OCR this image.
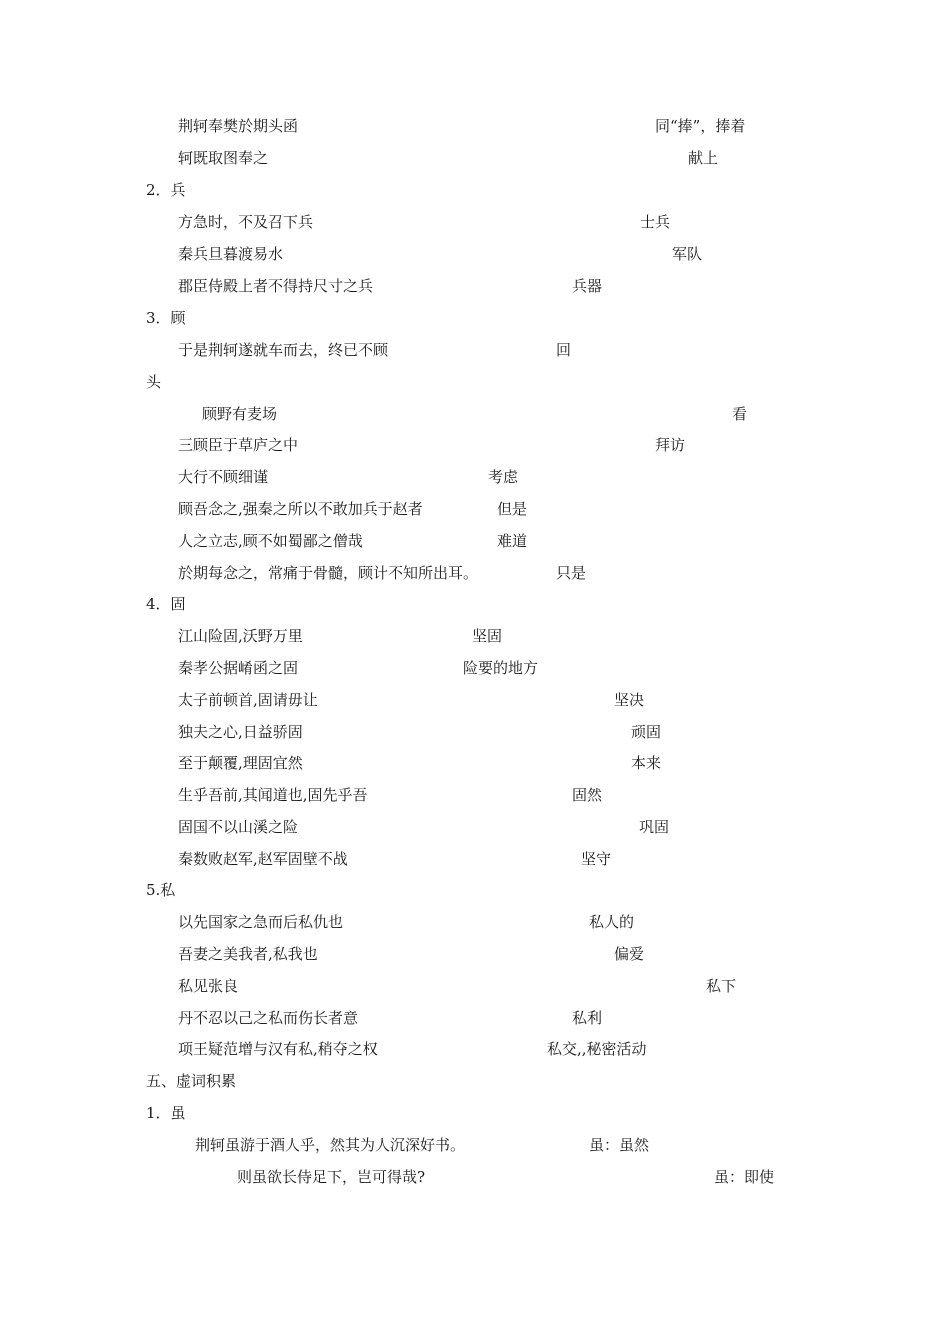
荆轲奉樊於期头函	同“捧”，捧着
轲既取图奉之	献上
2．兵
方急时，不及召下兵	士兵
秦兵旦暮渡易水	军队
郡臣侍殿上者不得持尺寸之兵	兵器
3．顾
于是荆轲遂就车而去，终已不顾	回
头
顾野有麦场	看
三顾臣于草庐之中	拜访
大行不顾细谨	考虑
顾吾念之,强秦之所以不敢加兵于赵者	但是
人之立志,顾不如蜀鄙之僧哉	难道
於期每念之，常痛于骨髓，顾计不知所出耳。	只是
4．固
江山险固,沃野万里	坚固
秦孝公据崤函之固	险要的地方
太子前顿首,固请毋让	坚决
独夫之心,日益骄固	顽固
至于颠覆,理固宜然	本来
生乎吾前,其闻道也,固先乎吾	固然
固国不以山溪之险	巩固
秦数败赵军,赵军固壁不战	坚守
5.私
以先国家之急而后私仇也	私人的
吾妻之美我者,私我也	偏爱
私见张良	私下
丹不忍以己之私而伤长者意	私利
项王疑范增与汉有私,稍夺之权	私交,,秘密活动
五、虚词积累
1．虽
荆轲虽游于酒人乎，然其为人沉深好书。	虽：虽然
则虽欲长侍足下，岂可得哉?	虽：即使
